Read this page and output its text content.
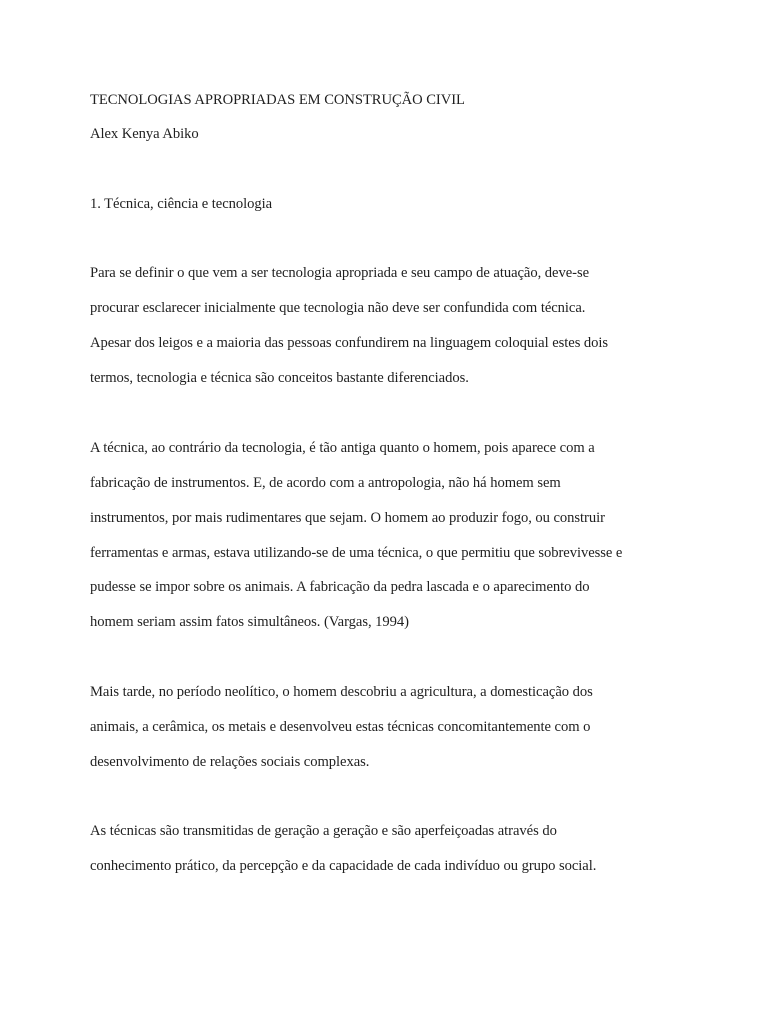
TECNOLOGIAS APROPRIADAS EM CONSTRUÇÃO CIVIL
Alex Kenya Abiko
1. Técnica, ciência e tecnologia
Para se definir o que vem a ser tecnologia apropriada e seu campo de atuação, deve-se
procurar esclarecer inicialmente que tecnologia não deve ser confundida com técnica.
Apesar dos leigos e a maioria das pessoas confundirem na linguagem coloquial estes dois
termos, tecnologia e técnica são conceitos bastante diferenciados.
A técnica, ao contrário da tecnologia, é tão antiga quanto o homem, pois aparece com a
fabricação de instrumentos. E, de acordo com a antropologia, não há homem sem
instrumentos, por mais rudimentares que sejam. O homem ao produzir fogo, ou construir
ferramentas e armas, estava utilizando-se de uma técnica, o que permitiu que sobrevivesse e
pudesse se impor sobre os animais. A fabricação da pedra lascada e o aparecimento do
homem seriam assim fatos simultâneos. (Vargas, 1994)
Mais tarde, no período neolítico, o homem descobriu a agricultura, a domesticação dos
animais, a cerâmica, os metais e desenvolveu estas técnicas concomitantemente com o
desenvolvimento de relações sociais complexas.
As técnicas são transmitidas de geração a geração e são aperfeiçoadas através do
conhecimento prático, da percepção e da capacidade de cada indivíduo ou grupo social.
